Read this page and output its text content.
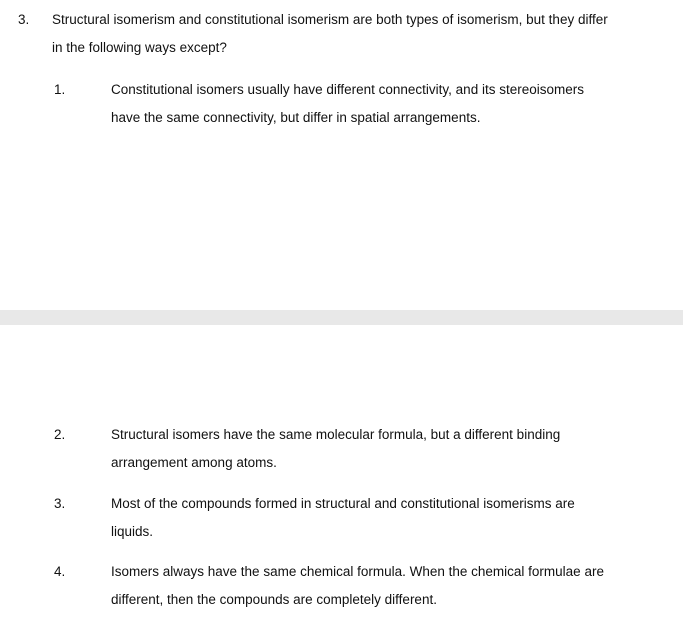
3.	Structural isomerism and constitutional isomerism are both types of isomerism, but they differ in the following ways except?
1.	Constitutional isomers usually have different connectivity, and its stereoisomers have the same connectivity, but differ in spatial arrangements.
2.	Structural isomers have the same molecular formula, but a different binding arrangement among atoms.
3.	Most of the compounds formed in structural and constitutional isomerisms are liquids.
4.	Isomers always have the same chemical formula. When the chemical formulae are different, then the compounds are completely different.
